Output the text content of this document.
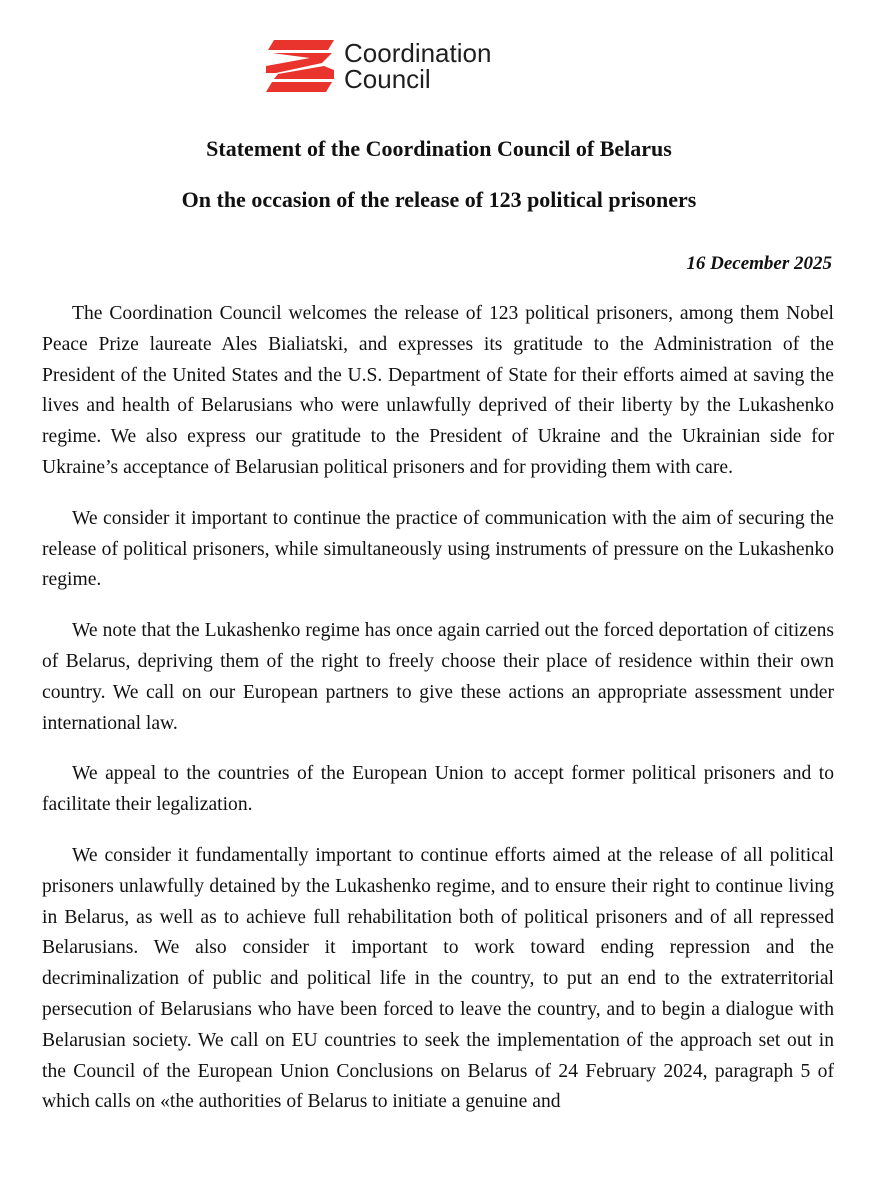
Coordination
Council
Statement of the Coordination Council of Belarus
On the occasion of the release of 123 political prisoners
16 December 2025

The Coordination Council welcomes the release of 123 political prisoners, among them Nobel Peace Prize laureate Ales Bialiatski, and expresses its gratitude to the Administration of the President of the United States and the U.S. Department of State for their efforts aimed at saving the lives and health of Belarusians who were unlawfully deprived of their liberty by the Lukashenko regime. We also express our gratitude to the President of Ukraine and the Ukrainian side for Ukraine’s acceptance of Belarusian political prisoners and for providing them with care.

We consider it important to continue the practice of communication with the aim of securing the release of political prisoners, while simultaneously using instruments of pressure on the Lukashenko regime.

We note that the Lukashenko regime has once again carried out the forced deportation of citizens of Belarus, depriving them of the right to freely choose their place of residence within their own country. We call on our European partners to give these actions an appropriate assessment under international law.

We appeal to the countries of the European Union to accept former political prisoners and to facilitate their legalization.

We consider it fundamentally important to continue efforts aimed at the release of all political prisoners unlawfully detained by the Lukashenko regime, and to ensure their right to continue living in Belarus, as well as to achieve full rehabilitation both of political prisoners and of all repressed Belarusians. We also consider it important to work toward ending repression and the decriminalization of public and political life in the country, to put an end to the extraterritorial persecution of Belarusians who have been forced to leave the country, and to begin a dialogue with Belarusian society. We call on EU countries to seek the implementation of the approach set out in the Council of the European Union Conclusions on Belarus of 24 February 2024, paragraph 5 of which calls on «the authorities of Belarus to initiate a genuine and
